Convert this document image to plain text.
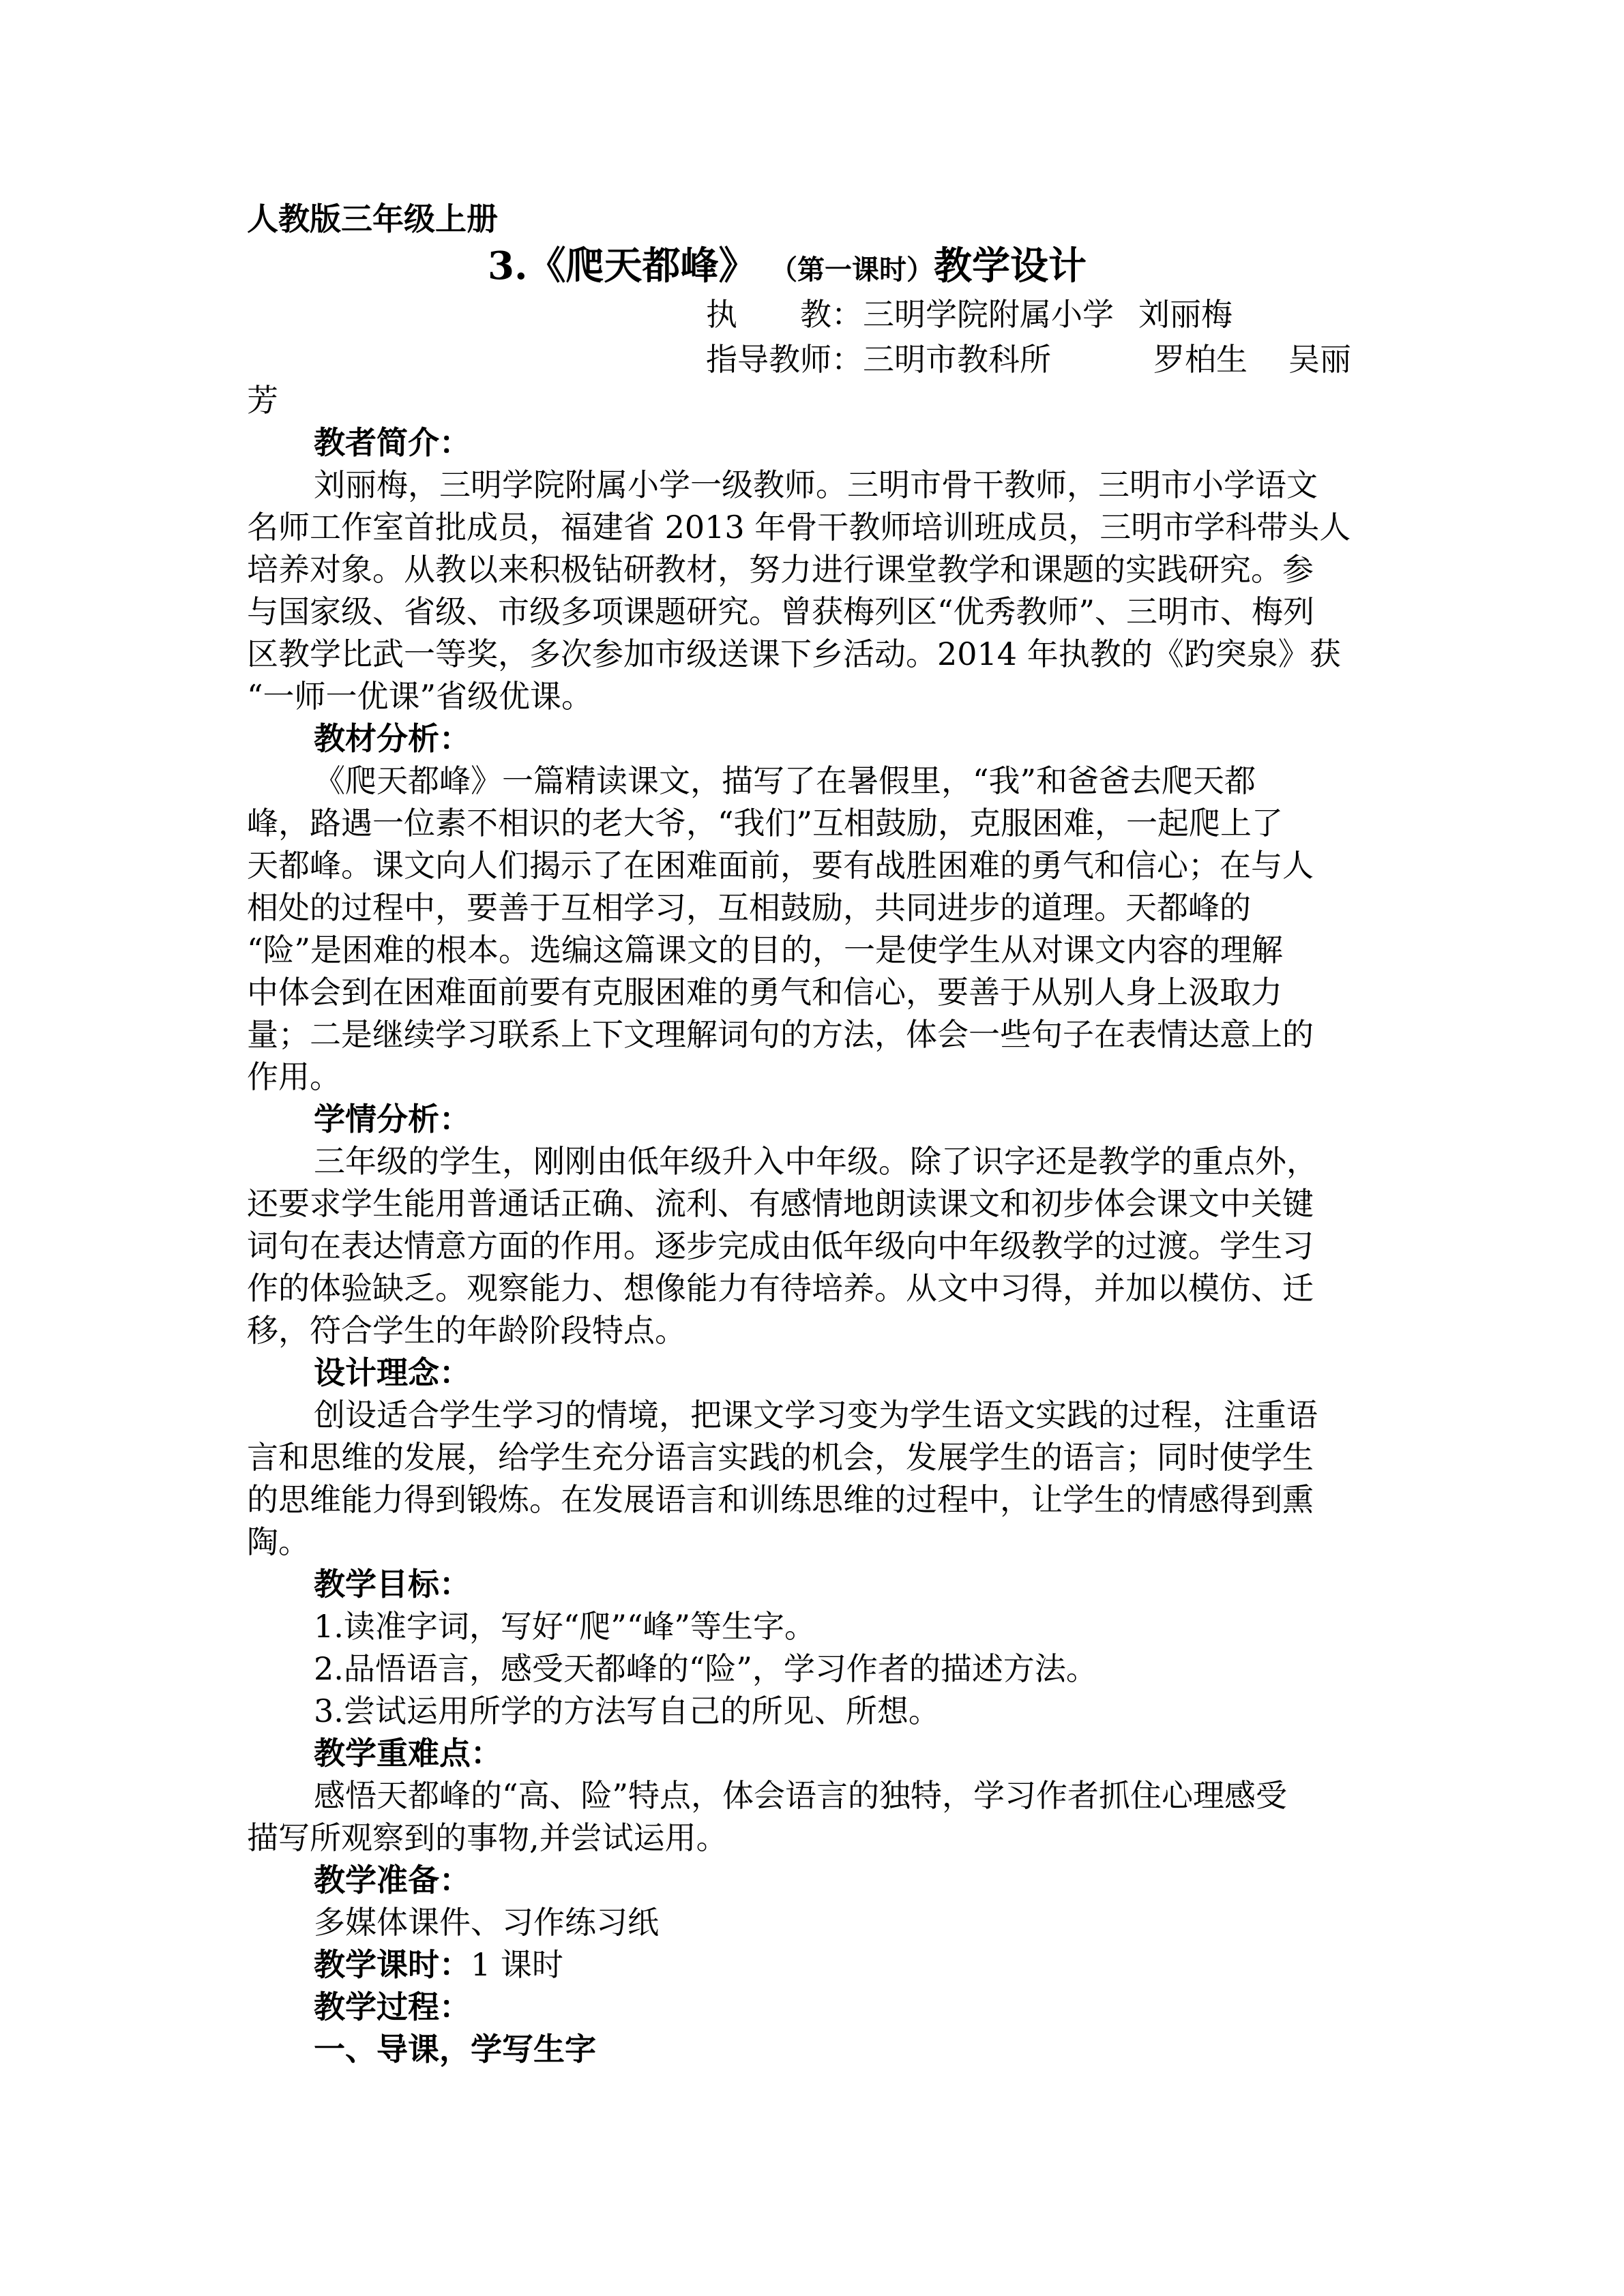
人教版三年级上册
3.《爬天都峰》 （第一课时）教学设计
执　　教：三明学院附属小学 刘丽梅
指导教师：三明市教科所	罗柏生 吴丽
芳
教者简介：
刘丽梅，三明学院附属小学一级教师。三明市骨干教师，三明市小学语文
名师工作室首批成员，福建省 2013 年骨干教师培训班成员，三明市学科带头人
培养对象。从教以来积极钻研教材，努力进行课堂教学和课题的实践研究。参
与国家级、省级、市级多项课题研究。曾获梅列区“优秀教师”、三明市、梅列
区教学比武一等奖，多次参加市级送课下乡活动。2014 年执教的《趵突泉》获
“一师一优课”省级优课。
教材分析：
《爬天都峰》一篇精读课文，描写了在暑假里，“我”和爸爸去爬天都
峰，路遇一位素不相识的老大爷，“我们”互相鼓励，克服困难，一起爬上了
天都峰。课文向人们揭示了在困难面前，要有战胜困难的勇气和信心；在与人
相处的过程中，要善于互相学习，互相鼓励，共同进步的道理。天都峰的
“险”是困难的根本。选编这篇课文的目的，一是使学生从对课文内容的理解
中体会到在困难面前要有克服困难的勇气和信心，要善于从别人身上汲取力
量；二是继续学习联系上下文理解词句的方法，体会一些句子在表情达意上的
作用。
学情分析：
三年级的学生，刚刚由低年级升入中年级。除了识字还是教学的重点外，
还要求学生能用普通话正确、流利、有感情地朗读课文和初步体会课文中关键
词句在表达情意方面的作用。逐步完成由低年级向中年级教学的过渡。学生习
作的体验缺乏。观察能力、想像能力有待培养。从文中习得，并加以模仿、迁
移，符合学生的年龄阶段特点。
设计理念：
创设适合学生学习的情境，把课文学习变为学生语文实践的过程，注重语
言和思维的发展，给学生充分语言实践的机会，发展学生的语言；同时使学生
的思维能力得到锻炼。在发展语言和训练思维的过程中，让学生的情感得到熏
陶。
教学目标：
1.读准字词，写好“爬”“峰”等生字。
2.品悟语言，感受天都峰的“险”，学习作者的描述方法。
3.尝试运用所学的方法写自己的所见、所想。
教学重难点：
感悟天都峰的“高、险”特点，体会语言的独特，学习作者抓住心理感受
描写所观察到的事物,并尝试运用。
教学准备：
多媒体课件、习作练习纸
教学课时：1 课时
教学过程：
一、导课，学写生字
